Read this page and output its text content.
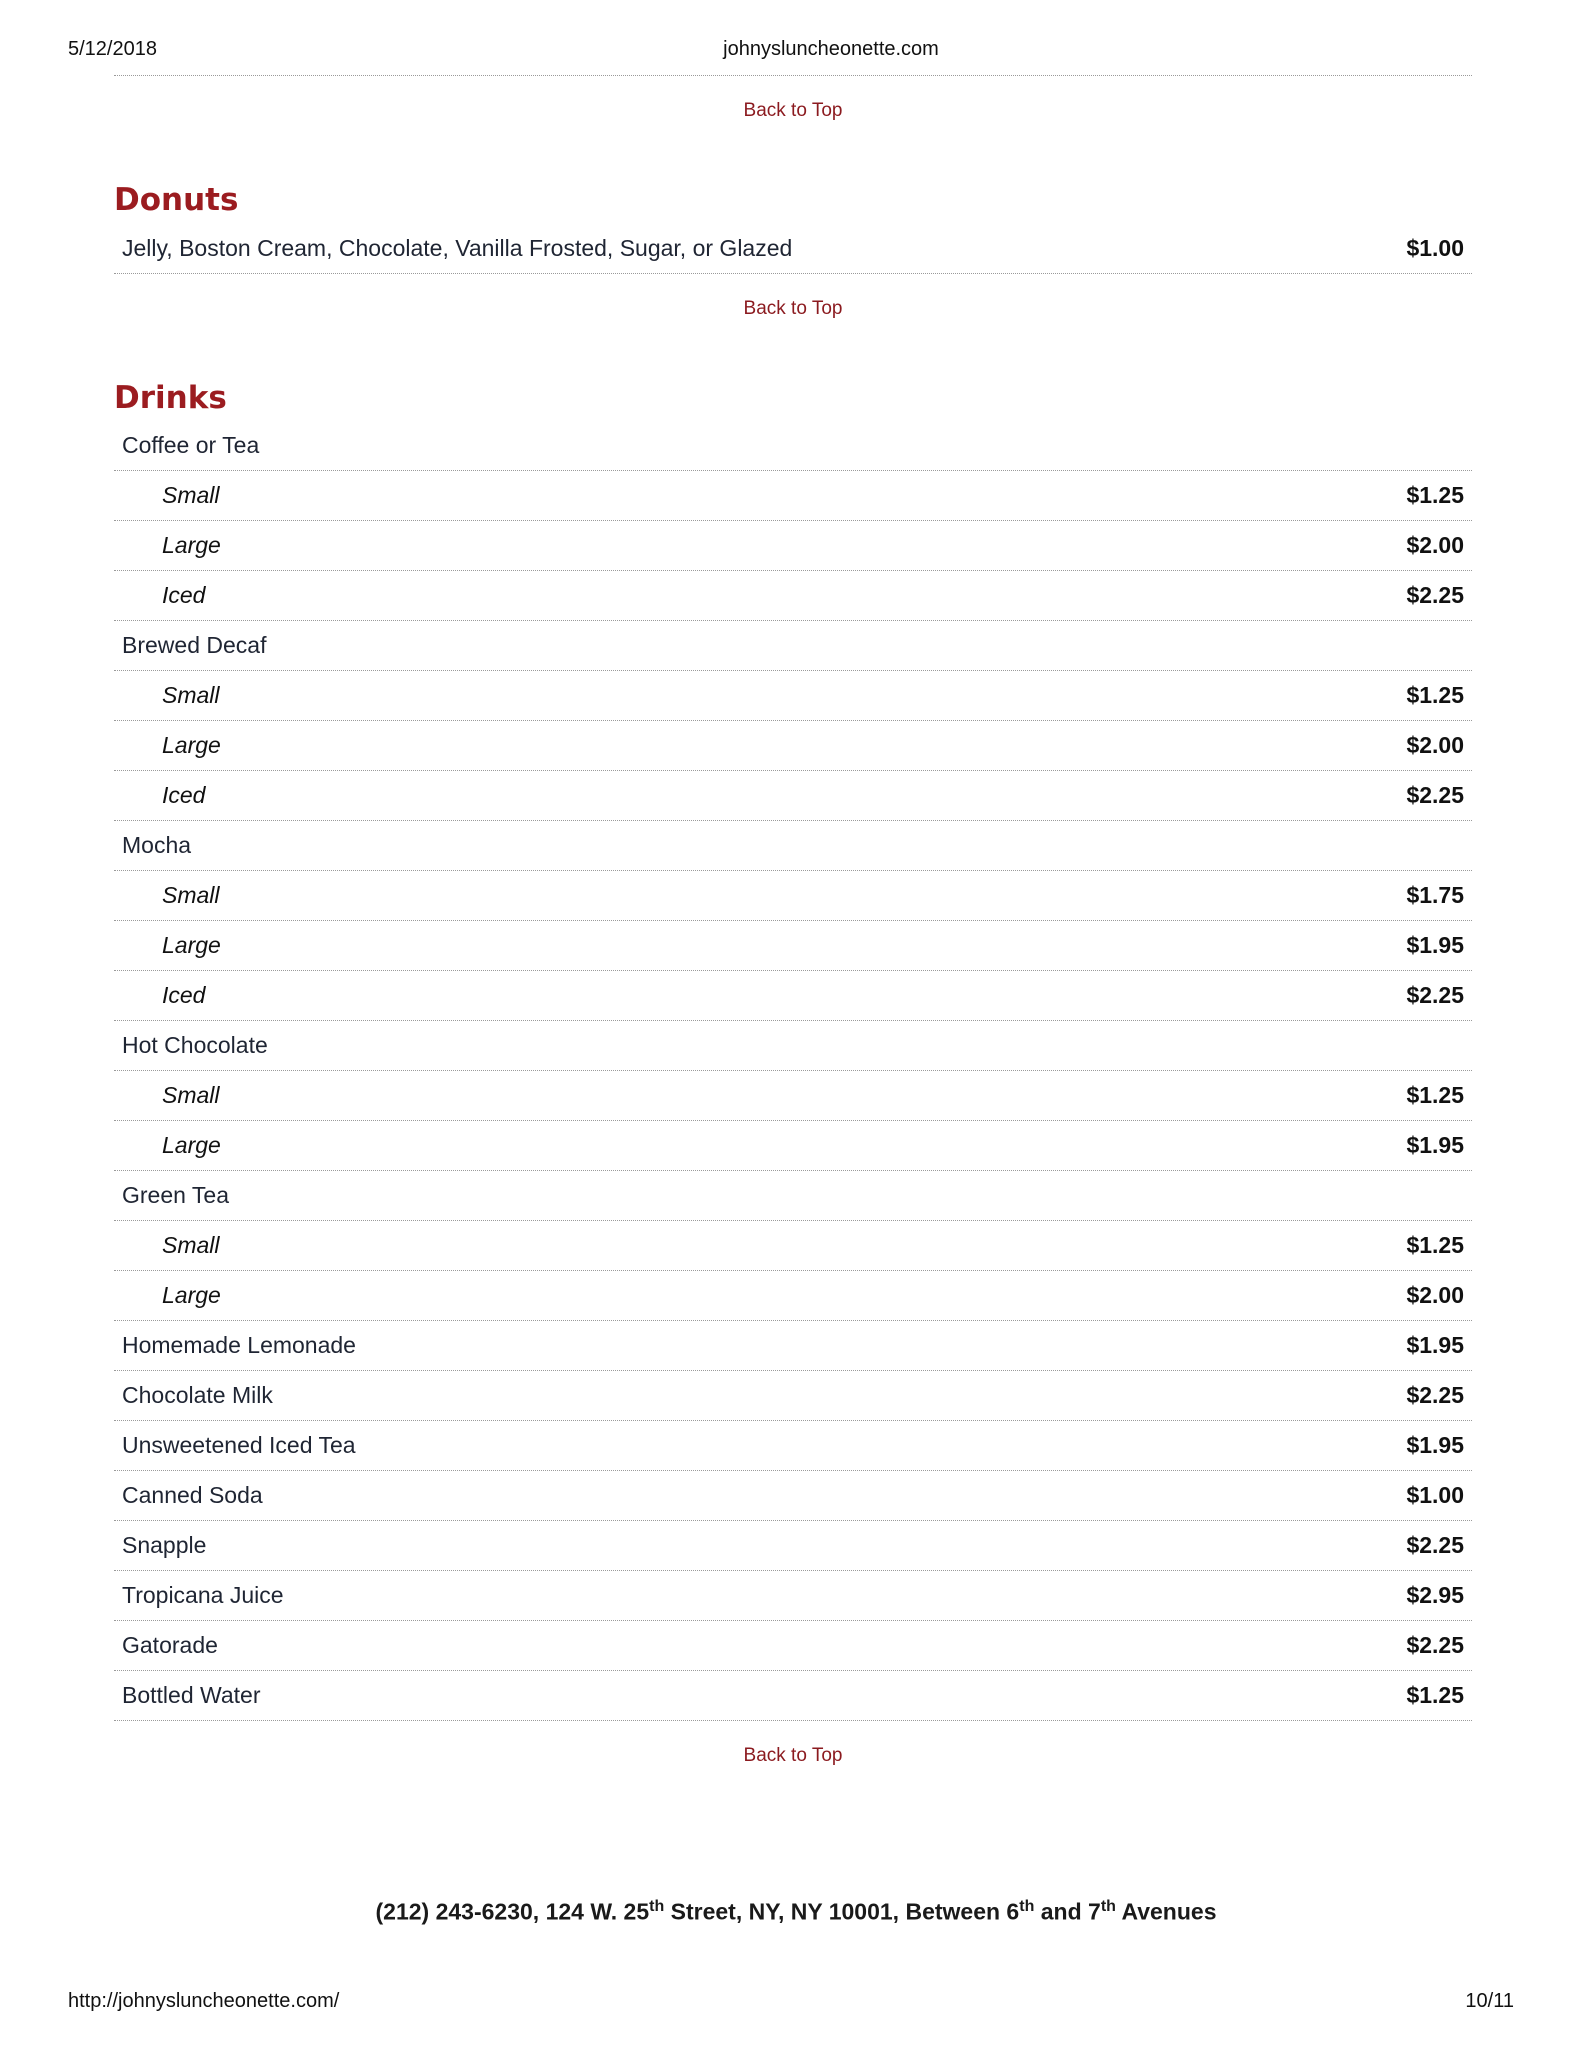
5/12/2018	johnysluncheonette.com
Back to Top
Donuts
Jelly, Boston Cream, Chocolate, Vanilla Frosted, Sugar, or Glazed	$1.00
Back to Top
Drinks
Coffee or Tea
Small	$1.25
Large	$2.00
Iced	$2.25
Brewed Decaf
Small	$1.25
Large	$2.00
Iced	$2.25
Mocha
Small	$1.75
Large	$1.95
Iced	$2.25
Hot Chocolate
Small	$1.25
Large	$1.95
Green Tea
Small	$1.25
Large	$2.00
Homemade Lemonade	$1.95
Chocolate Milk	$2.25
Unsweetened Iced Tea	$1.95
Canned Soda	$1.00
Snapple	$2.25
Tropicana Juice	$2.95
Gatorade	$2.25
Bottled Water	$1.25
Back to Top
(212) 243-6230, 124 W. 25th Street, NY, NY 10001, Between 6th and 7th Avenues
http://johnysluncheonette.com/	10/11
